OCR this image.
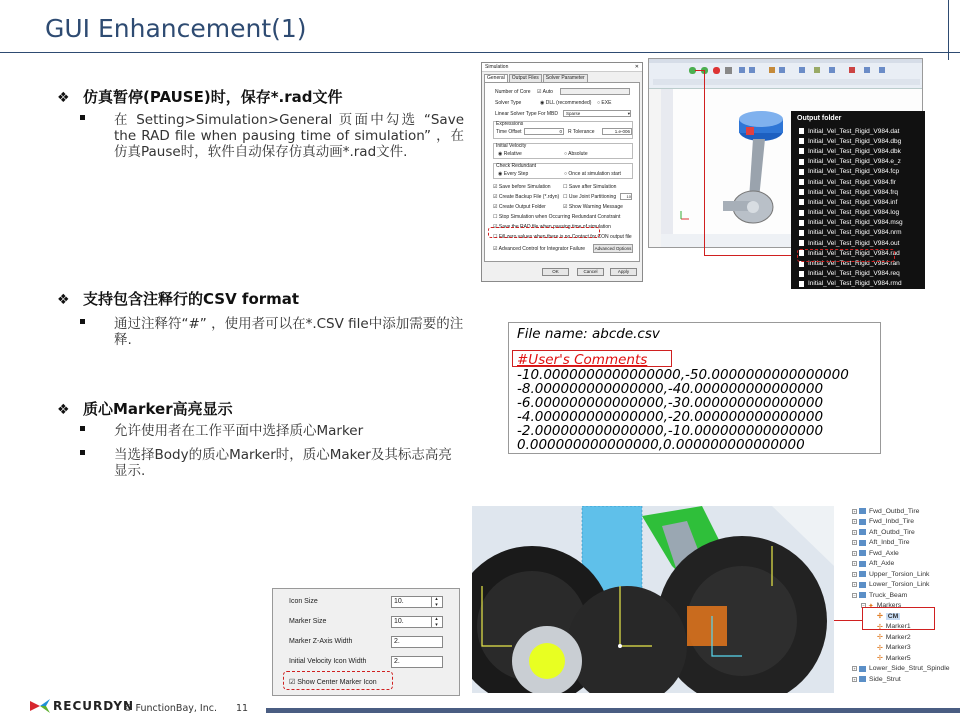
GUI Enhancement(1)
❖ 仿真暂停(PAUSE)时，保存*.rad文件
在 Setting>Simulation>General 页面中勾选 “Save the RAD file when pausing time of simulation” ，在仿真Pause时，软件自动保存仿真动画*.rad文件.
❖ 支持包含注释行的CSV format
通过注释符“#” ，使用者可以在*.CSV file中添加需要的注释.
❖ 质心Marker高亮显示
允许使用者在工作平面中选择质心Marker
当选择Body的质心Marker时，质心Maker及其标志高亮显示.
Simulation	✕
General	Output Files	Solver Parameter
Number of Core ☑ Auto
Solver Type	◉ DLL (recommended) ○ EXE
Linear Solver Type For MBD	Sparse	▾
Expressions
Time Offset	0	R Tolerance	1.e-006
Initial Velocity
◉ Relative	○ Absolute
Check Redundant
◉ Every Step	○ Once at simulation start
☑ Save before Simulation ☐ Save after Simulation
☑ Create Backup File (*.rdyn) ☐ Use Joint Partitioning	10
☑ Create Output Folder	☑ Show Warning Message
☐ Stop Simulation when Occurring Redundant Constraint
☑ Save the RAD file when pausing time of simulation
☐ Fill zero values when there is no Contact for CON output file
☑ Advanced Control for Integrator Failure	Advanced Options
OK	Cancel	Apply
Output folder
Initial_Vel_Test_Rigid_V984.dat
Initial_Vel_Test_Rigid_V984.dbg
Initial_Vel_Test_Rigid_V984.dbk
Initial_Vel_Test_Rigid_V984.e_z
Initial_Vel_Test_Rigid_V984.fcp
Initial_Vel_Test_Rigid_V984.flr
Initial_Vel_Test_Rigid_V984.frq
Initial_Vel_Test_Rigid_V984.inf
Initial_Vel_Test_Rigid_V984.log
Initial_Vel_Test_Rigid_V984.msg
Initial_Vel_Test_Rigid_V984.nrm
Initial_Vel_Test_Rigid_V984.out
Initial_Vel_Test_Rigid_V984.rad
Initial_Vel_Test_Rigid_V984.ran
Initial_Vel_Test_Rigid_V984.req
Initial_Vel_Test_Rigid_V984.rmd
File name: abcde.csv
#User's Comments
-10.0000000000000000,-50.0000000000000000
-8.000000000000000,-40.000000000000000
-6.000000000000000,-30.000000000000000
-4.000000000000000,-20.000000000000000
-2.000000000000000,-10.000000000000000
0.000000000000000,0.000000000000000
+ Fwd_Outbd_Tire
+ Fwd_Inbd_Tire
+ Aft_Outbd_Tire
+ Aft_Inbd_Tire
+ Fwd_Axle
+ Aft_Axle
+ Upper_Torsion_Link
+ Lower_Torsion_Link
− Truck_Beam
− ✦ Markers
✢ CM
✢ Marker1
✢ Marker2
✢ Marker3
✢ Marker5
+ Lower_Side_Strut_Spindle
+ Side_Strut
Icon Size	10.	▴
▾
Marker Size	10.	▴
▾
Marker Z-Axis Width	2.
Initial Velocity Icon Width	2.
☑ Show Center Marker Icon
RECURDYN
© FunctionBay, Inc. 11
